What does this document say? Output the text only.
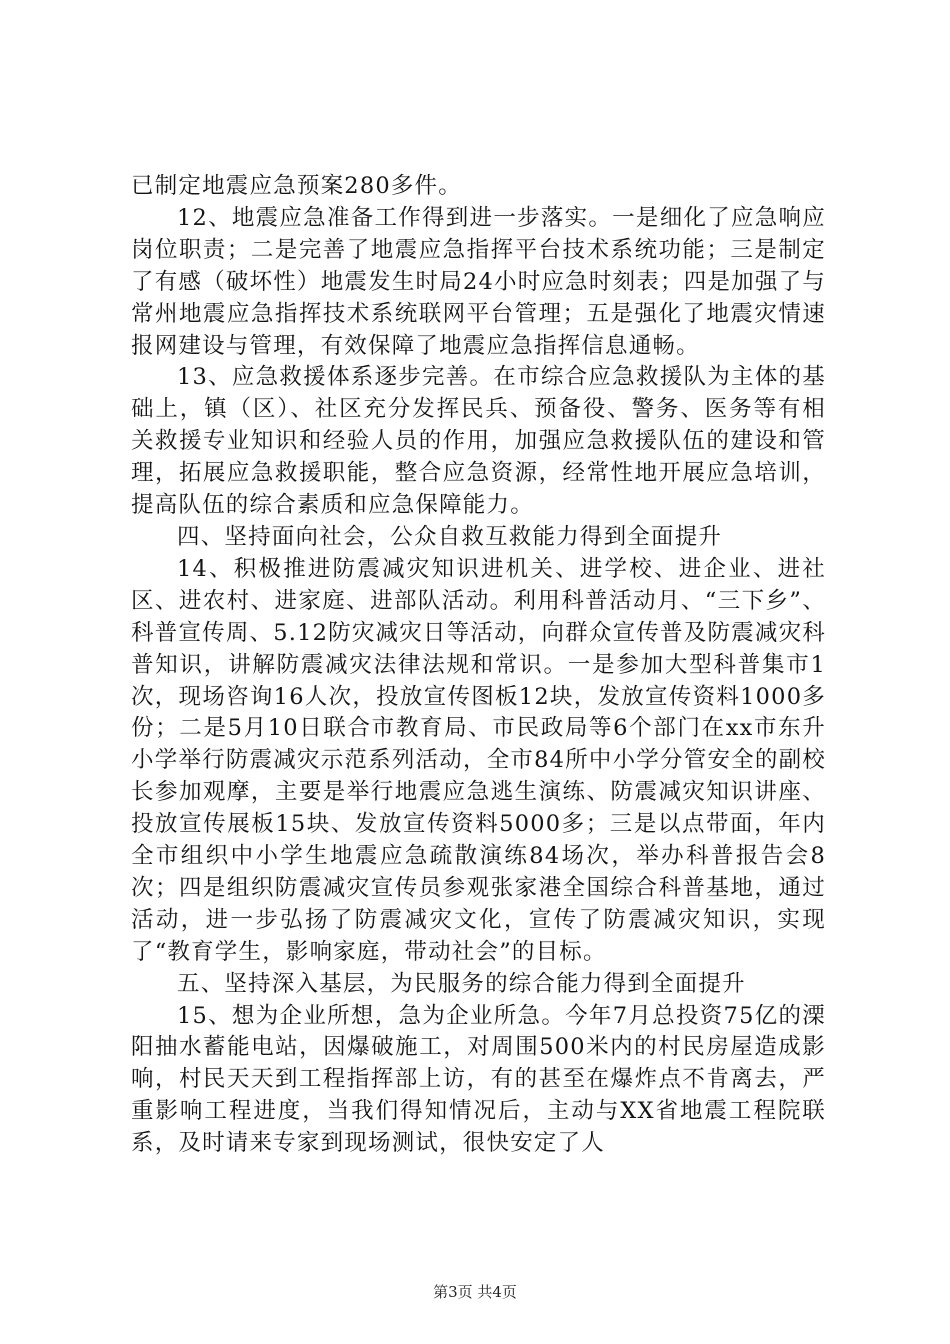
已制定地震应急预案280多件。

12、地震应急准备工作得到进一步落实。一是细化了应急响应岗位职责；二是完善了地震应急指挥平台技术系统功能；三是制定了有感（破坏性）地震发生时局24小时应急时刻表；四是加强了与常州地震应急指挥技术系统联网平台管理；五是强化了地震灾情速报网建设与管理，有效保障了地震应急指挥信息通畅。

13、应急救援体系逐步完善。在市综合应急救援队为主体的基础上，镇（区）、社区充分发挥民兵、预备役、警务、医务等有相关救援专业知识和经验人员的作用，加强应急救援队伍的建设和管理，拓展应急救援职能，整合应急资源，经常性地开展应急培训，提高队伍的综合素质和应急保障能力。

四、坚持面向社会，公众自救互救能力得到全面提升

14、积极推进防震减灾知识进机关、进学校、进企业、进社区、进农村、进家庭、进部队活动。利用科普活动月、“三下乡”、科普宣传周、5.12防灾减灾日等活动，向群众宣传普及防震减灾科普知识，讲解防震减灾法律法规和常识。一是参加大型科普集市1次，现场咨询16人次，投放宣传图板12块，发放宣传资料1000多份；二是5月10日联合市教育局、市民政局等6个部门在xx市东升小学举行防震减灾示范系列活动，全市84所中小学分管安全的副校长参加观摩，主要是举行地震应急逃生演练、防震减灾知识讲座、投放宣传展板15块、发放宣传资料5000多；三是以点带面，年内全市组织中小学生地震应急疏散演练84场次，举办科普报告会8次；四是组织防震减灾宣传员参观张家港全国综合科普基地，通过活动，进一步弘扬了防震减灾文化，宣传了防震减灾知识，实现了“教育学生，影响家庭，带动社会”的目标。

五、坚持深入基层，为民服务的综合能力得到全面提升

15、想为企业所想，急为企业所急。今年7月总投资75亿的溧阳抽水蓄能电站，因爆破施工，对周围500米内的村民房屋造成影响，村民天天到工程指挥部上访，有的甚至在爆炸点不肯离去，严重影响工程进度，当我们得知情况后，主动与XX省地震工程院联系，及时请来专家到现场测试，很快安定了人

第3页 共4页
